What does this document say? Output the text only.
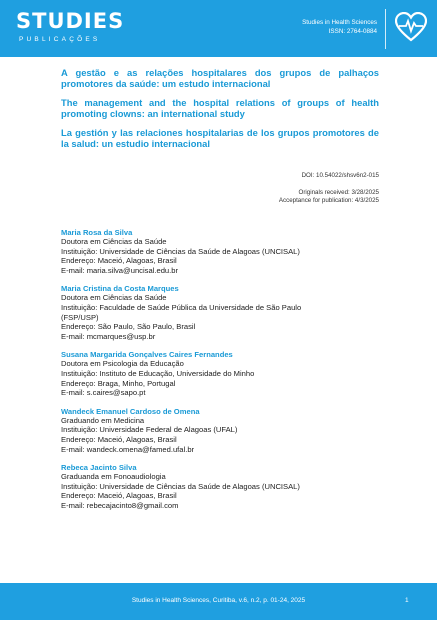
STUDIES
PUBLICAÇÕES
Studies in Health Sciences
ISSN: 2764-0884
A gestão e as relações hospitalares dos grupos de palhaços promotores da saúde: um estudo internacional
The management and the hospital relations of groups of health promoting clowns: an international study
La gestión y las relaciones hospitalarias de los grupos promotores de la salud: un estudio internacional
DOI: 10.54022/shsv6n2-015
Originals received: 3/28/2025
Acceptance for publication: 4/3/2025
Maria Rosa da Silva
Doutora em Ciências da Saúde
Instituição: Universidade de Ciências da Saúde de Alagoas (UNCISAL)
Endereço: Maceió, Alagoas, Brasil
E-mail: maria.silva@uncisal.edu.br
Maria Cristina da Costa Marques
Doutora em Ciências da Saúde
Instituição: Faculdade de Saúde Pública da Universidade de São Paulo
(FSP/USP)
Endereço: São Paulo, São Paulo, Brasil
E-mail: mcmarques@usp.br
Susana Margarida Gonçalves Caires Fernandes
Doutora em Psicologia da Educação
Instituição: Instituto de Educação, Universidade do Minho
Endereço: Braga, Minho, Portugal
E-mail: s.caires@sapo.pt
Wandeck Emanuel Cardoso de Omena
Graduando em Medicina
Instituição: Universidade Federal de Alagoas (UFAL)
Endereço: Maceió, Alagoas, Brasil
E-mail: wandeck.omena@famed.ufal.br
Rebeca Jacinto Silva
Graduanda em Fonoaudiologia
Instituição: Universidade de Ciências da Saúde de Alagoas (UNCISAL)
Endereço: Maceió, Alagoas, Brasil
E-mail: rebecajacinto8@gmail.com
Studies in Health Sciences, Curitiba, v.6, n.2, p. 01-24, 2025	1
